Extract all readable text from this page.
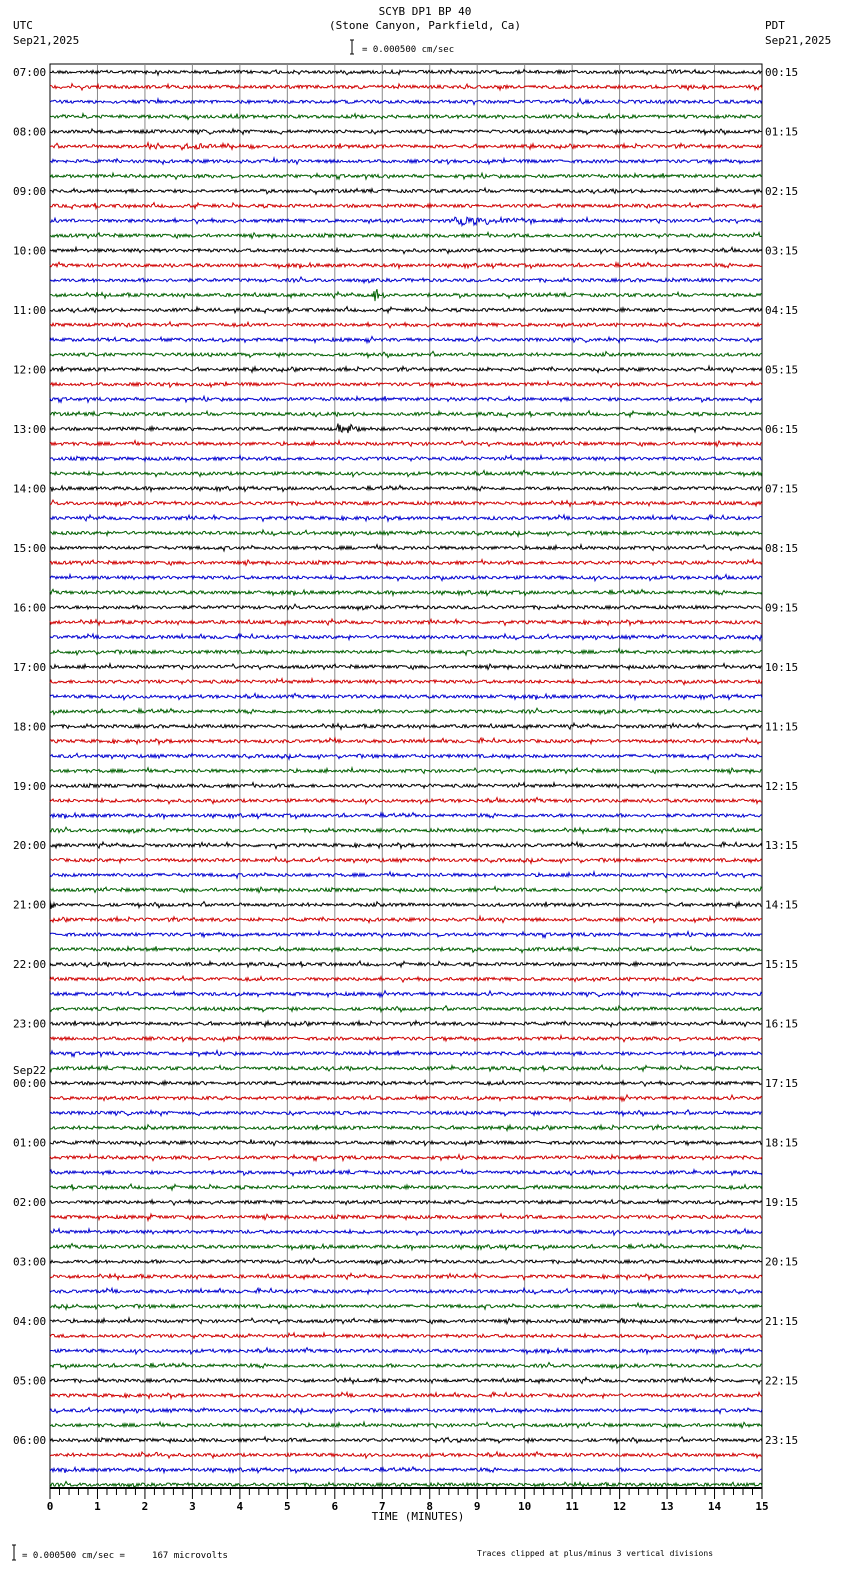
SCYB DP1 BP 40
(Stone Canyon, Parkfield, Ca)
UTC
Sep21,2025
PDT
Sep21,2025
= 0.000500 cm/sec
07:00
08:00
09:00
10:00
11:00
12:00
13:00
14:00
15:00
16:00
17:00
18:00
19:00
20:00
21:00
22:00
23:00
00:00
Sep22
01:00
02:00
03:00
04:00
05:00
06:00
00:15
01:15
02:15
03:15
04:15
05:15
06:15
07:15
08:15
09:15
10:15
11:15
12:15
13:15
14:15
15:15
16:15
17:15
18:15
19:15
20:15
21:15
22:15
23:15
0	1	2	3	4	5	6	7	8	9	10	11	12	13	14	15
TIME (MINUTES)
= 0.000500 cm/sec =     167 microvolts	Traces clipped at plus/minus 3 vertical divisions
